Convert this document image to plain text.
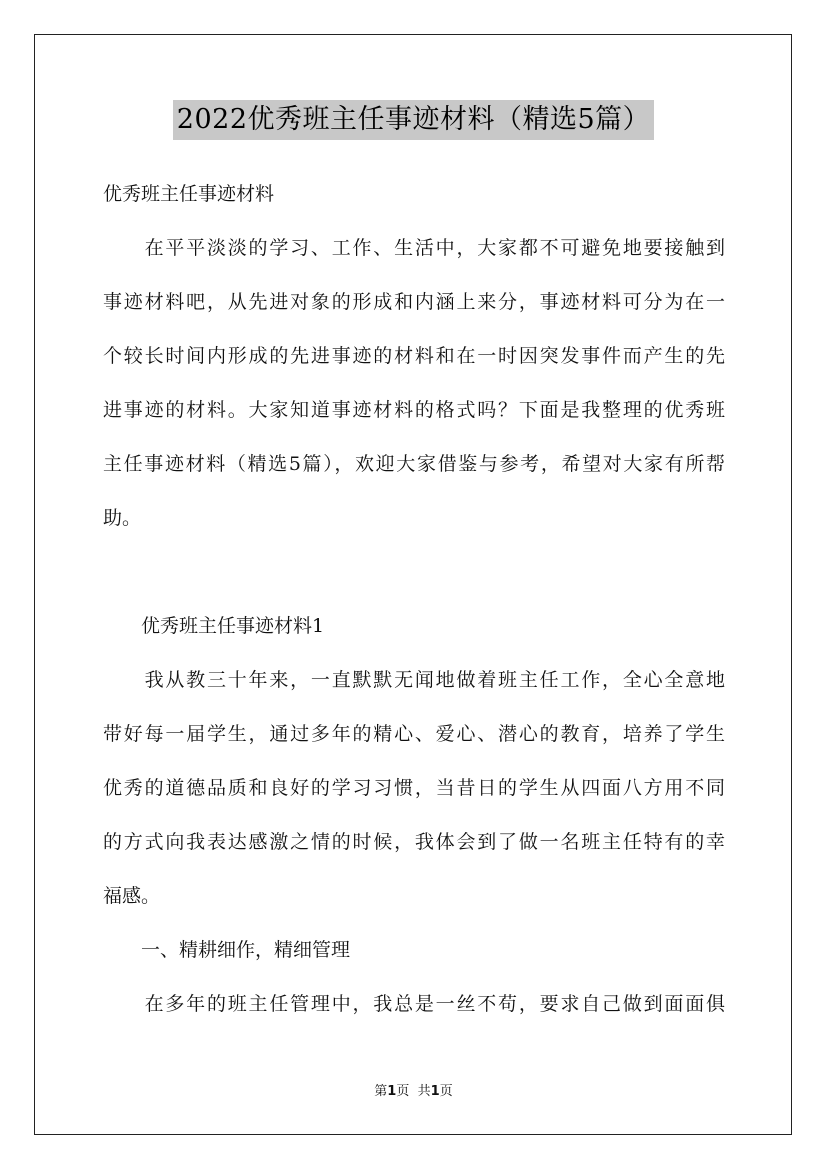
2022优秀班主任事迹材料（精选5篇）
优秀班主任事迹材料
　　在平平淡淡的学习、工作、生活中，大家都不可避免地要接触到
事迹材料吧，从先进对象的形成和内涵上来分，事迹材料可分为在一
个较长时间内形成的先进事迹的材料和在一时因突发事件而产生的先
进事迹的材料。大家知道事迹材料的格式吗？下面是我整理的优秀班
主任事迹材料（精选5篇），欢迎大家借鉴与参考，希望对大家有所帮
助。
　　优秀班主任事迹材料1
　　我从教三十年来，一直默默无闻地做着班主任工作，全心全意地
带好每一届学生，通过多年的精心、爱心、潜心的教育，培养了学生
优秀的道德品质和良好的学习习惯，当昔日的学生从四面八方用不同
的方式向我表达感激之情的时候，我体会到了做一名班主任特有的幸
福感。
　　一、精耕细作，精细管理
　　在多年的班主任管理中，我总是一丝不苟，要求自己做到面面俱
第1页 共1页
